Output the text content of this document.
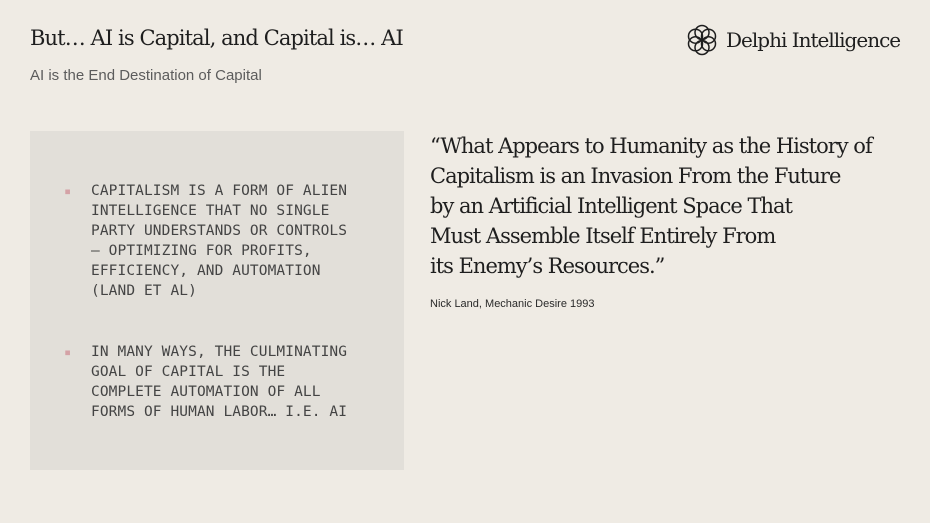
But… AI is Capital, and Capital is… AI
AI is the End Destination of Capital
Delphi Intelligence
▪	CAPITALISM IS A FORM OF ALIEN
INTELLIGENCE THAT NO SINGLE
PARTY UNDERSTANDS OR CONTROLS
– OPTIMIZING FOR PROFITS,
EFFICIENCY, AND AUTOMATION
(LAND ET AL)
▪	IN MANY WAYS, THE CULMINATING
GOAL OF CAPITAL IS THE
COMPLETE AUTOMATION OF ALL
FORMS OF HUMAN LABOR… I.E. AI
“What Appears to Humanity as the History of
Capitalism is an Invasion From the Future
by an Artificial Intelligent Space That
Must Assemble Itself Entirely From
its Enemy’s Resources.”
Nick Land, Mechanic Desire 1993
